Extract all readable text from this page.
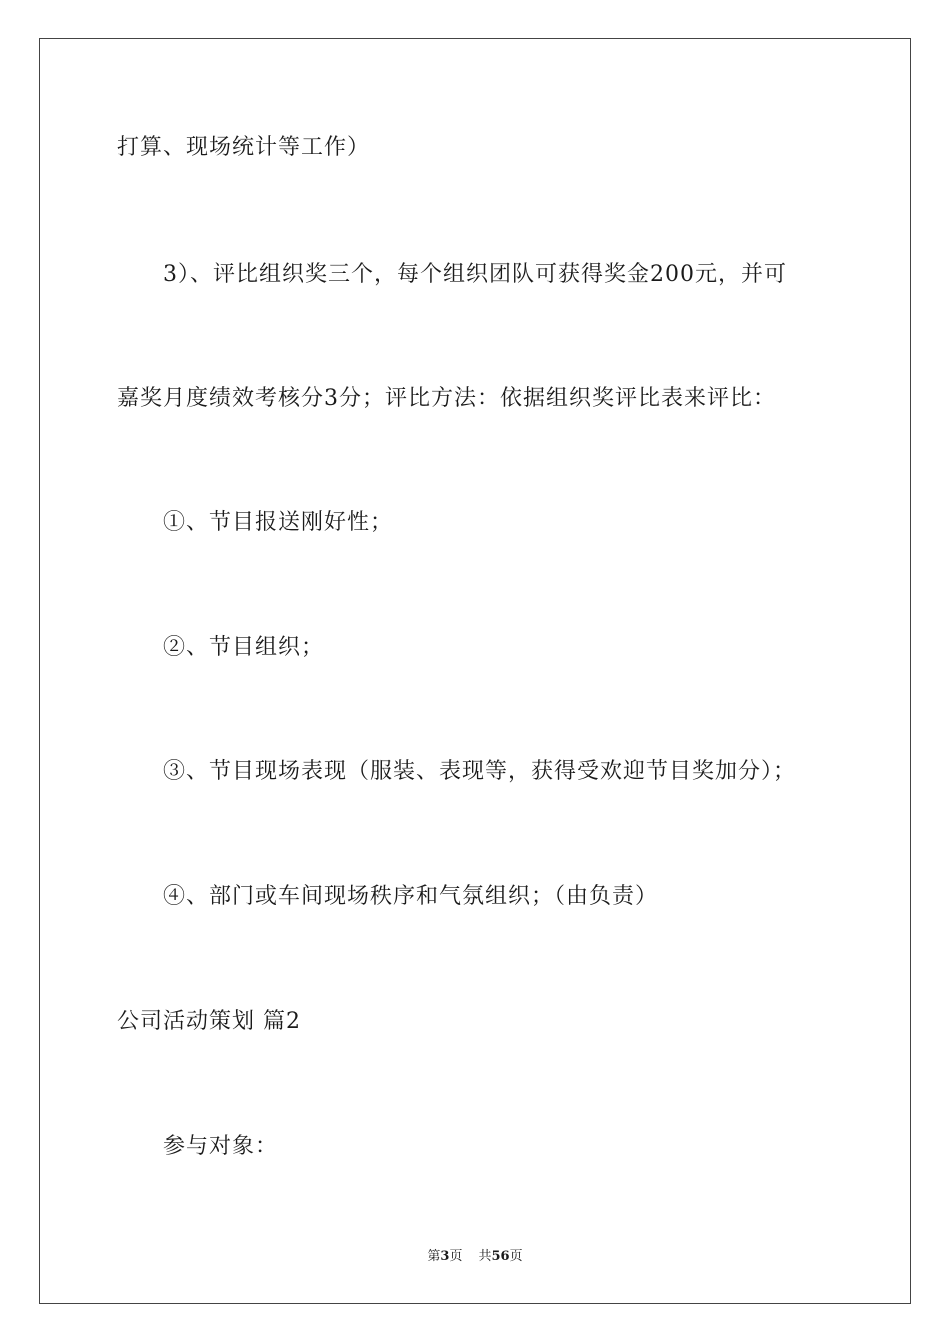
打算、现场统计等工作）
3）、评比组织奖三个，每个组织团队可获得奖金200元，并可
嘉奖月度绩效考核分3分；评比方法：依据组织奖评比表来评比：
①、节目报送刚好性；
②、节目组织；
③、节目现场表现（服装、表现等，获得受欢迎节目奖加分）；
④、部门或车间现场秩序和气氛组织；（由负责）
公司活动策划 篇2
参与对象：
第3页 共56页
